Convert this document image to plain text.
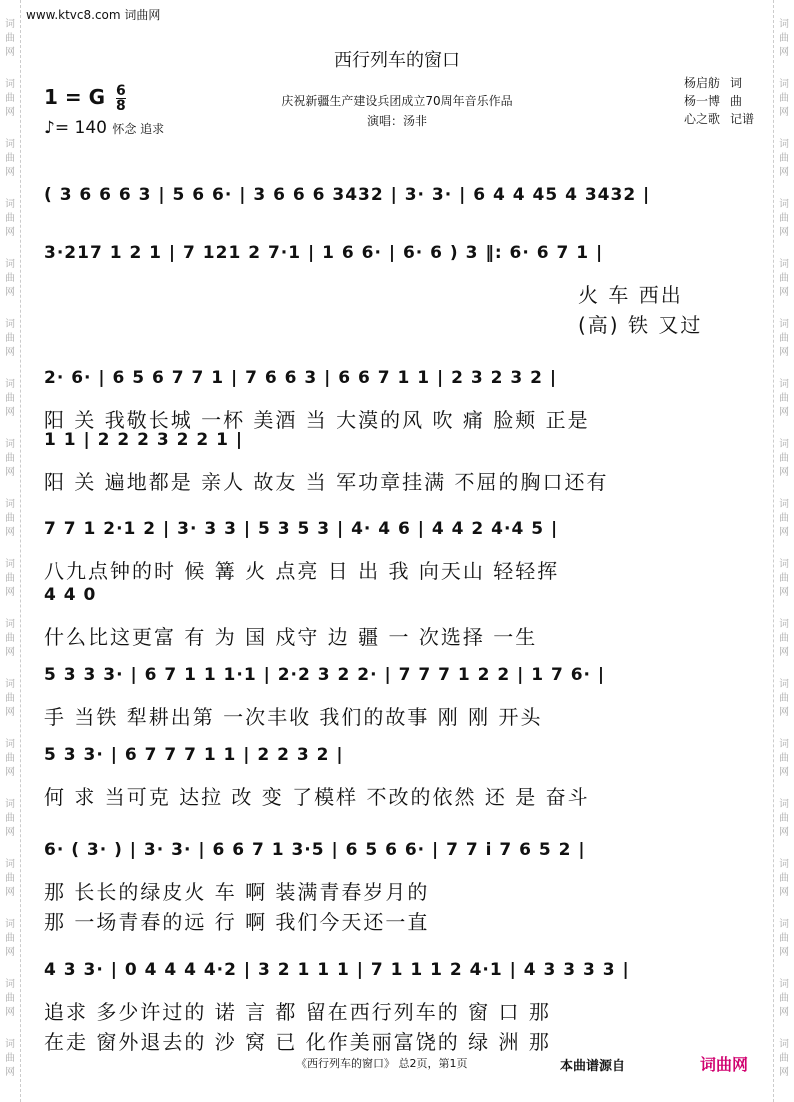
词
曲
网
词
曲
网
词
曲
网
词
曲
网
词
曲
网
词
曲
网
词
曲
网
词
曲
网
词
曲
网
词
曲
网
词
曲
网
词
曲
网
词
曲
网
词
曲
网
词
曲
网
词
曲
网
词
曲
网
词
曲
网
词
曲
网
词
曲
网
词
曲
网
词
曲
网
词
曲
网
词
曲
网
词
曲
网
词
曲
网
词
曲
网
词
曲
网
词
曲
网
词
曲
网
词
曲
网
词
曲
网
词
曲
网
词
曲
网
词
曲
网
词
曲
网
www.ktvc8.com 词曲网
西行列车的窗口
1 = G $\frac{6}{8}$
♪= 140 怀念 追求
庆祝新疆生产建设兵团成立70周年音乐作品
演唱：汤非
杨启舫 词
杨一博 曲
心之歌 记谱
( 3 6 6 6 3 | 5 6 6· | 3 6 6 6 3432 | 3· 3· | 6 4 4 45 4 3432 |
3·217 1 2 1 | 7 121 2 7·1 | 1 6 6· | 6· 6 ) 3 ‖: 6· 6 7 1 |
火 车 西出
(高) 铁 又过
2· 6· | 6 5 6 7 7 1 | 7 6 6 3 | 6 6 7 1 1 | 2 3 2 3 2 |
阳 关 我敬长城 一杯 美酒 当 大漠的风 吹 痛 脸颊 正是
1 1 | 2 2 2 3 2 2 1 |
阳 关 遍地都是 亲人 故友 当 军功章挂满 不屈的胸口还有
7 7 1 2·1 2 | 3· 3 3 | 5 3 5 3 | 4· 4 6 | 4 4 2 4·4 5 |
八九点钟的时 候 篝 火 点亮 日 出 我 向天山 轻轻挥
4 4 0
什么比这更富 有 为 国 戍守 边 疆 一 次选择 一生
5 3 3 3· | 6 7 1 1 1·1 | 2·2 3 2 2· | 7 7 7 1 2 2 | 1 7 6· |
手 当铁 犁耕出第 一次丰收 我们的故事 刚 刚 开头
5 3 3· | 6 7 7 7 1 1 | 2 2 3 2 |
何 求 当可克 达拉 改 变 了模样 不改的依然 还 是 奋斗
6· ( 3· ) | 3· 3· | 6 6 7 1 3·5 | 6 5 6 6· | 7 7 i 7 6 5 2 |
那 长长的绿皮火 车 啊 装满青春岁月的
那 一场青春的远 行 啊 我们今天还一直
4 3 3· | 0 4 4 4 4·2 | 3 2 1 1 1 | 7 1 1 1 2 4·1 | 4 3 3 3 3 |
追求 多少许过的 诺 言 都 留在西行列车的 窗 口 那
在走 窗外退去的 沙 窝 已 化作美丽富饶的 绿 洲 那
《西行列车的窗口》 总2页，第1页	本曲谱源自	词曲网
